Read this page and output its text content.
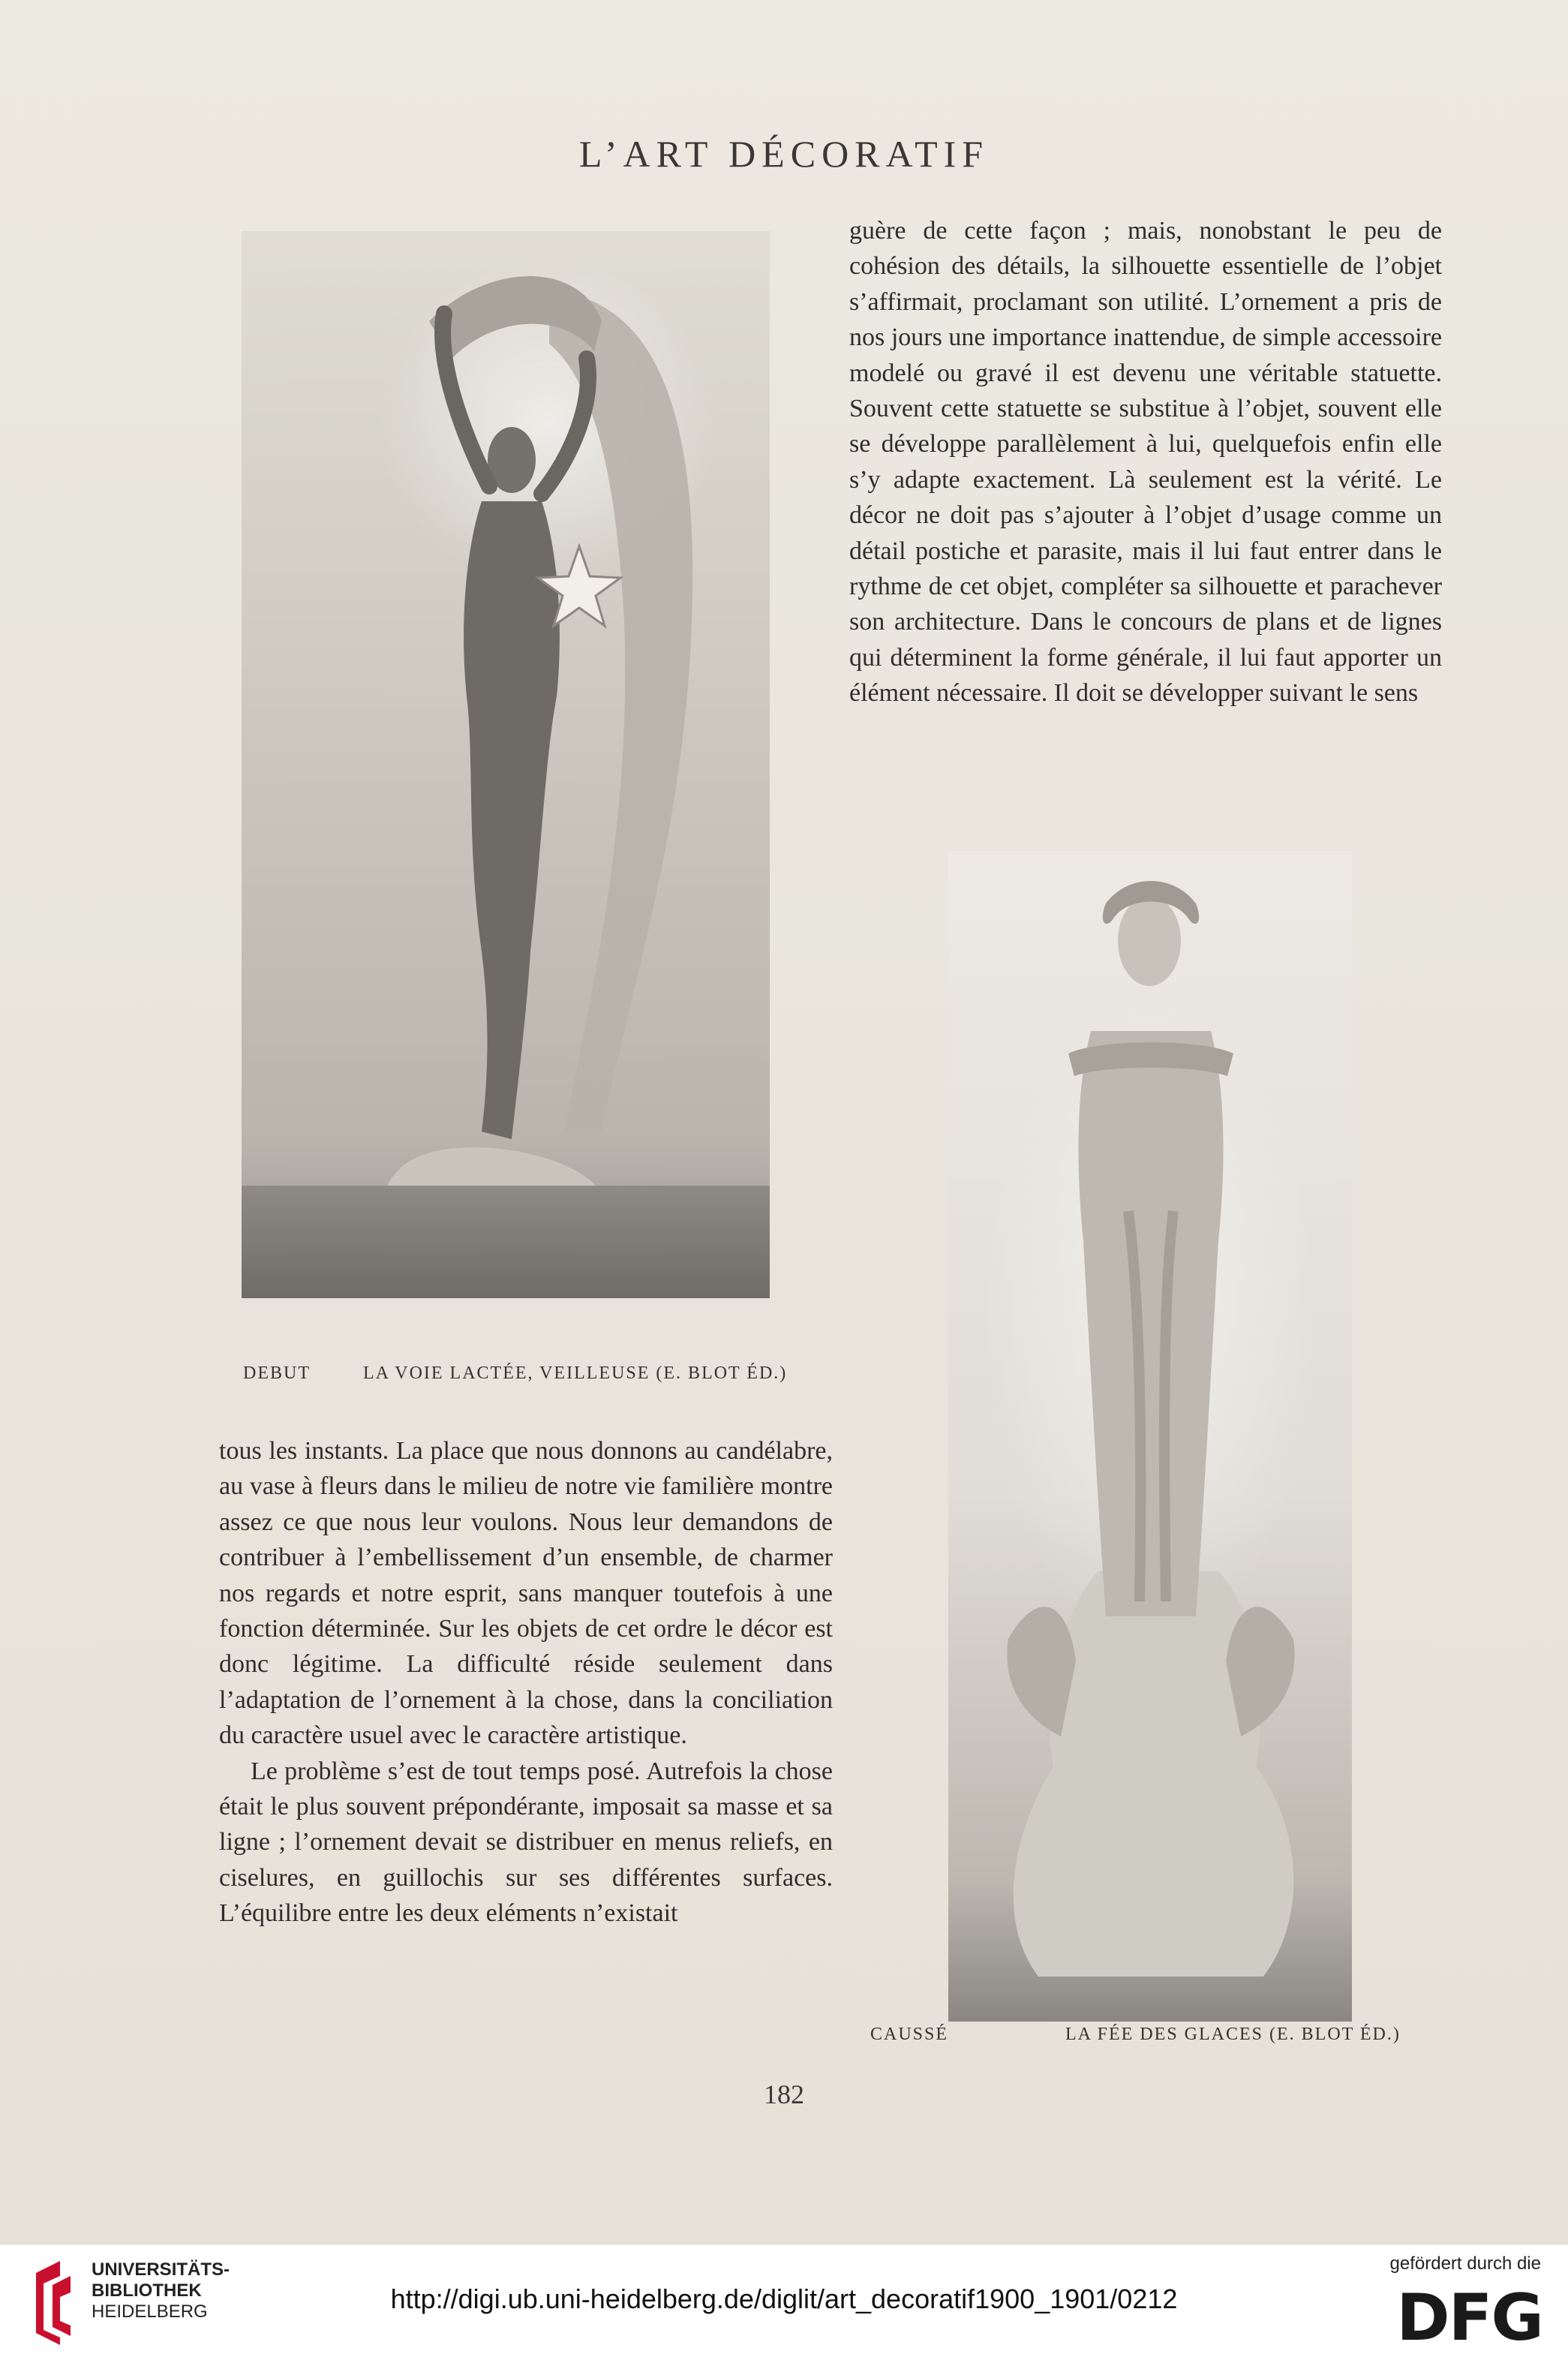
L’ART DÉCORATIF

guère de cette façon ; mais, nonobstant le peu de cohésion des détails, la silhouette essentielle de l’objet s’affirmait, proclamant son utilité. L’ornement a pris de nos jours une importance inattendue, de simple accessoire modelé ou gravé il est devenu une véritable statuette. Souvent cette statuette se substitue à l’objet, souvent elle se développe parallèlement à lui, quelquefois enfin elle s’y adapte exactement. Là seulement est la vérité. Le décor ne doit pas s’ajouter à l’objet d’usage comme un détail postiche et parasite, mais il lui faut entrer dans le rythme de cet objet, compléter sa silhouette et parachever son architecture. Dans le concours de plans et de lignes qui déterminent la forme générale, il lui faut apporter un élément nécessaire. Il doit se développer suivant le sens

DEBUT	LA VOIE LACTÉE, VEILLEUSE (E. BLOT ÉD.)

tous les instants. La place que nous donnons au candélabre, au vase à fleurs dans le milieu de notre vie familière montre assez ce que nous leur voulons. Nous leur demandons de contribuer à l’embellissement d’un ensemble, de charmer nos regards et notre esprit, sans manquer toutefois à une fonction déterminée. Sur les objets de cet ordre le décor est donc légitime. La difficulté réside seulement dans l’adaptation de l’ornement à la chose, dans la conciliation du caractère usuel avec le caractère artistique.

Le problème s’est de tout temps posé. Autrefois la chose était le plus souvent prépondérante, imposait sa masse et sa ligne ; l’ornement devait se distribuer en menus reliefs, en ciselures, en guillochis sur ses différentes surfaces. L’équilibre entre les deux eléments n’existait

CAUSSÉ	LA FÉE DES GLACES (E. BLOT ÉD.)
182
UNIVERSITÄTS-
BIBLIOTHEK
HEIDELBERG	http://digi.ub.uni-heidelberg.de/diglit/art_decoratif1900_1901/0212
gefördert durch die
DFG
